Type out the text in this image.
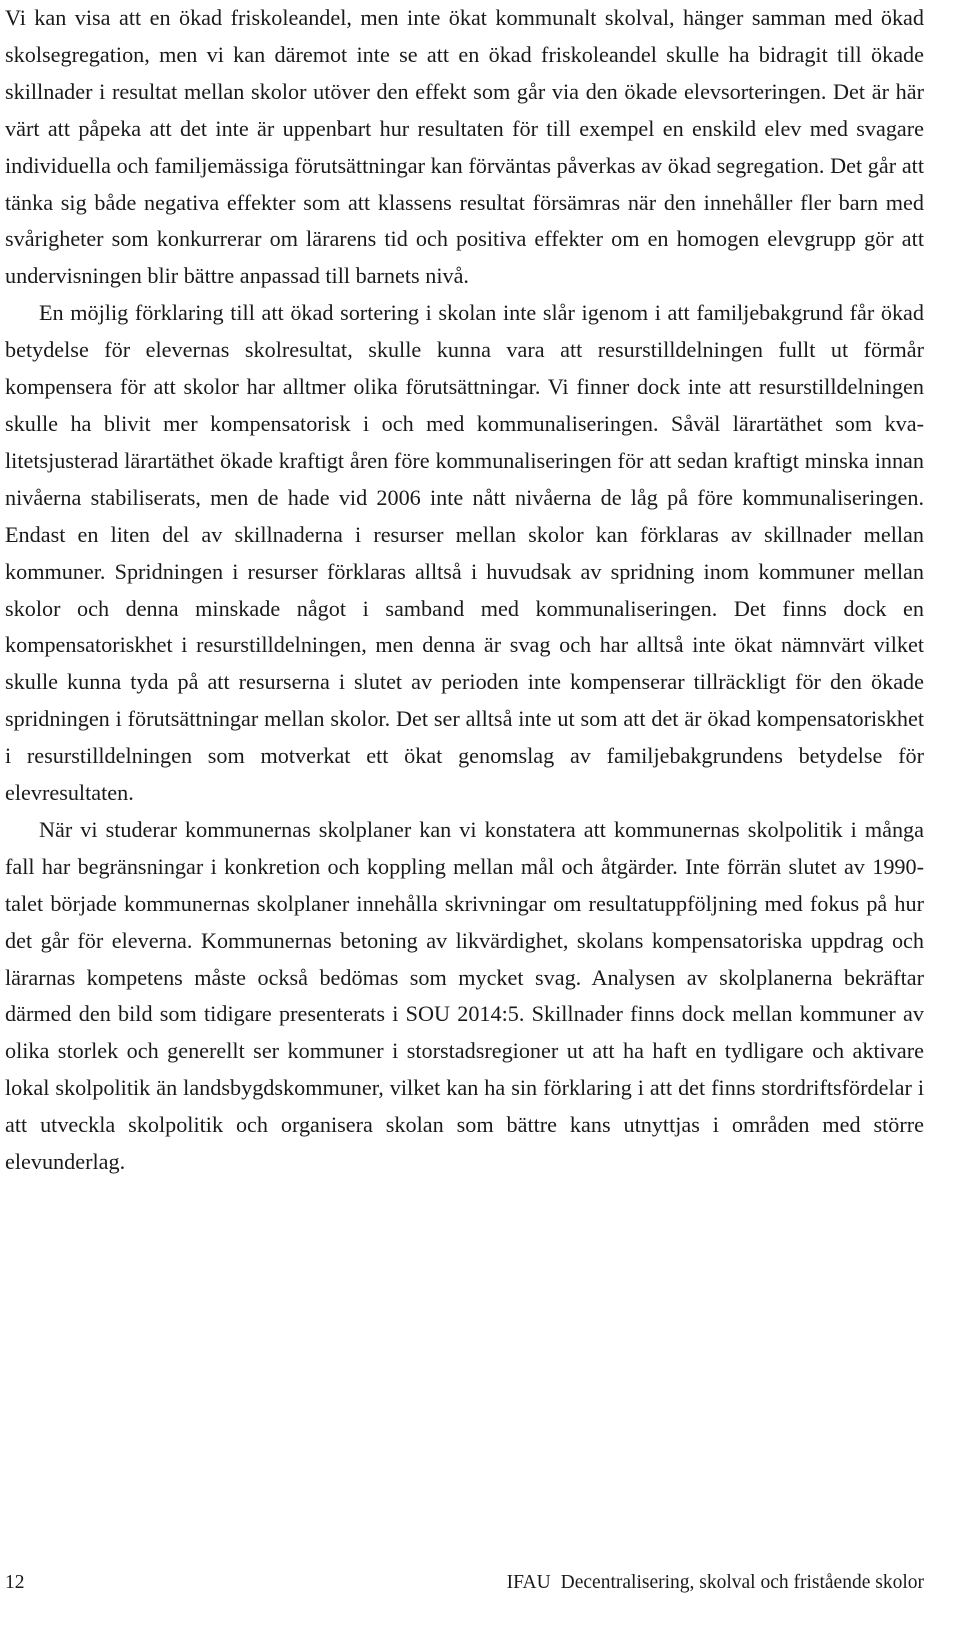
Vi kan visa att en ökad friskoleandel, men inte ökat kommunalt skolval, hänger samman med ökad skolsegregation, men vi kan däremot inte se att en ökad friskoleandel skulle ha bidragit till ökade skillnader i resultat mellan skolor utöver den effekt som går via den ökade elevsorteringen. Det är här värt att påpeka att det inte är uppenbart hur resultaten för till exempel en enskild elev med svagare individuella och familjemässiga förutsättningar kan förväntas påverkas av ökad segregation. Det går att tänka sig både negativa effekter som att klassens resultat försämras när den innehåller fler barn med svårigheter som konkurrerar om lärarens tid och positiva effekter om en homogen elevgrupp gör att undervisningen blir bättre anpassad till barnets nivå.

En möjlig förklaring till att ökad sortering i skolan inte slår igenom i att familjebakgrund får ökad betydelse för elevernas skolresultat, skulle kunna vara att resurstilldelningen fullt ut förmår kompensera för att skolor har alltmer olika förutsättningar. Vi finner dock inte att resurstilldelningen skulle ha blivit mer kompensatorisk i och med kommunaliseringen. Såväl lärartäthet som kvalitetsjusterad lärartäthet ökade kraftigt åren före kommunaliseringen för att sedan kraftigt minska innan nivåerna stabiliserats, men de hade vid 2006 inte nått nivåerna de låg på före kommunaliseringen. Endast en liten del av skillnaderna i resurser mellan skolor kan förklaras av skillnader mellan kommuner. Spridningen i resurser förklaras alltså i huvudsak av spridning inom kommuner mellan skolor och denna minskade något i samband med kommunaliseringen. Det finns dock en kompensatoriskhet i resurstilldelningen, men denna är svag och har alltså inte ökat nämnvärt vilket skulle kunna tyda på att resurserna i slutet av perioden inte kompenserar tillräckligt för den ökade spridningen i förutsättningar mellan skolor. Det ser alltså inte ut som att det är ökad kompensatoriskhet i resurstilldelningen som motverkat ett ökat genomslag av familjebakgrundens betydelse för elevresultaten.

När vi studerar kommunernas skolplaner kan vi konstatera att kommunernas skolpolitik i många fall har begränsningar i konkretion och koppling mellan mål och åtgärder. Inte förrän slutet av 1990-talet började kommunernas skolplaner innehålla skrivningar om resultatuppföljning med fokus på hur det går för eleverna. Kommunernas betoning av likvärdighet, skolans kompensatoriska uppdrag och lärarnas kompetens måste också bedömas som mycket svag. Analysen av skolplanerna bekräftar därmed den bild som tidigare presenterats i SOU 2014:5. Skillnader finns dock mellan kommuner av olika storlek och generellt ser kommuner i storstadsregioner ut att ha haft en tydligare och aktivare lokal skolpolitik än landsbygdskommuner, vilket kan ha sin förklaring i att det finns stordriftsfördelar i att utveckla skolpolitik och organisera skolan som bättre kans utnyttjas i områden med större elevunderlag.

12	IFAU Decentralisering, skolval och fristående skolor
